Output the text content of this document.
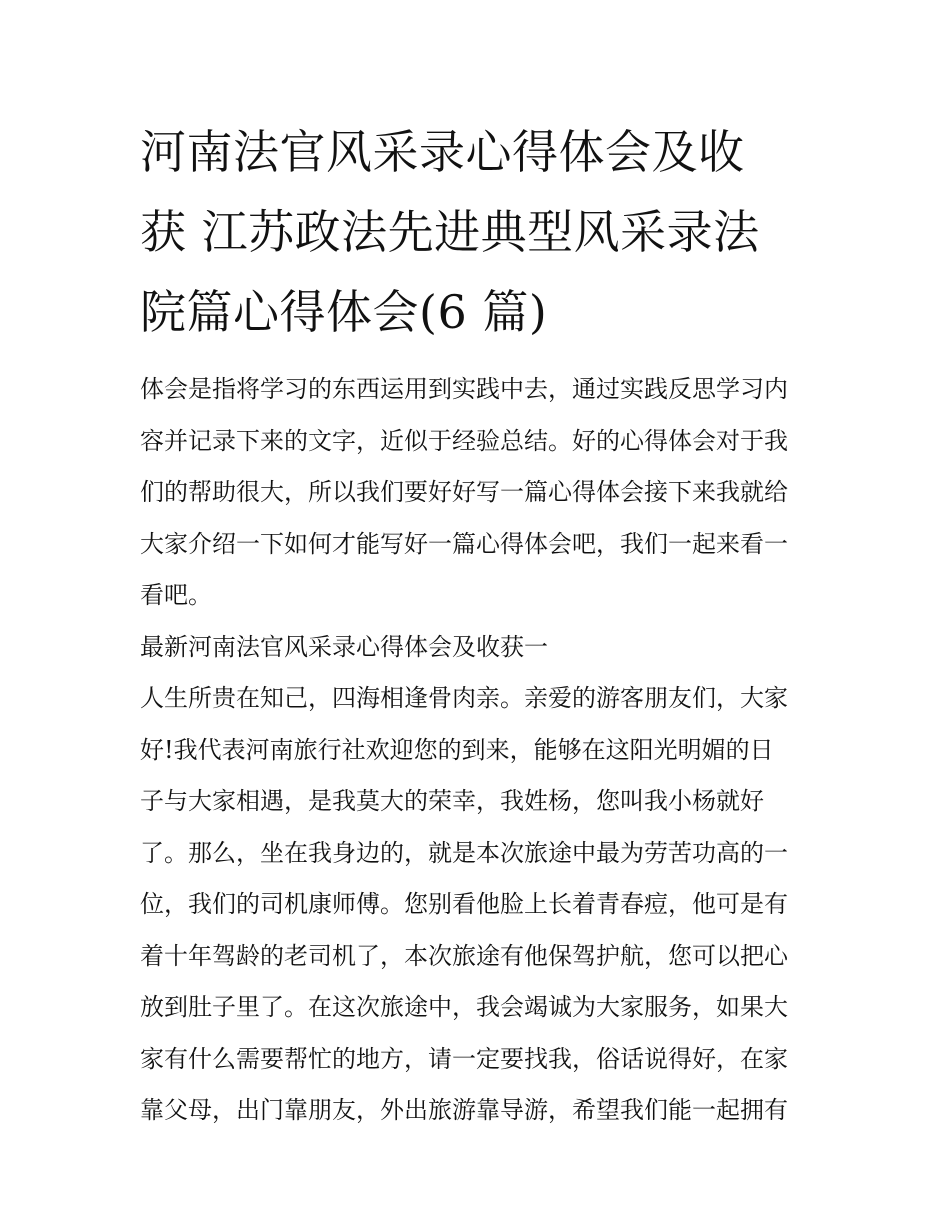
河南法官风采录心得体会及收
获 江苏政法先进典型风采录法
院篇心得体会(6 篇)
体会是指将学习的东西运用到实践中去，通过实践反思学习内
容并记录下来的文字，近似于经验总结。好的心得体会对于我
们的帮助很大，所以我们要好好写一篇心得体会接下来我就给
大家介绍一下如何才能写好一篇心得体会吧，我们一起来看一
看吧。
最新河南法官风采录心得体会及收获一
人生所贵在知己，四海相逢骨肉亲。亲爱的游客朋友们，大家
好!我代表河南旅行社欢迎您的到来，能够在这阳光明媚的日
子与大家相遇，是我莫大的荣幸，我姓杨，您叫我小杨就好
了。那么，坐在我身边的，就是本次旅途中最为劳苦功高的一
位，我们的司机康师傅。您别看他脸上长着青春痘，他可是有
着十年驾龄的老司机了，本次旅途有他保驾护航，您可以把心
放到肚子里了。在这次旅途中，我会竭诚为大家服务，如果大
家有什么需要帮忙的地方，请一定要找我，俗话说得好，在家
靠父母，出门靠朋友，外出旅游靠导游，希望我们能一起拥有
